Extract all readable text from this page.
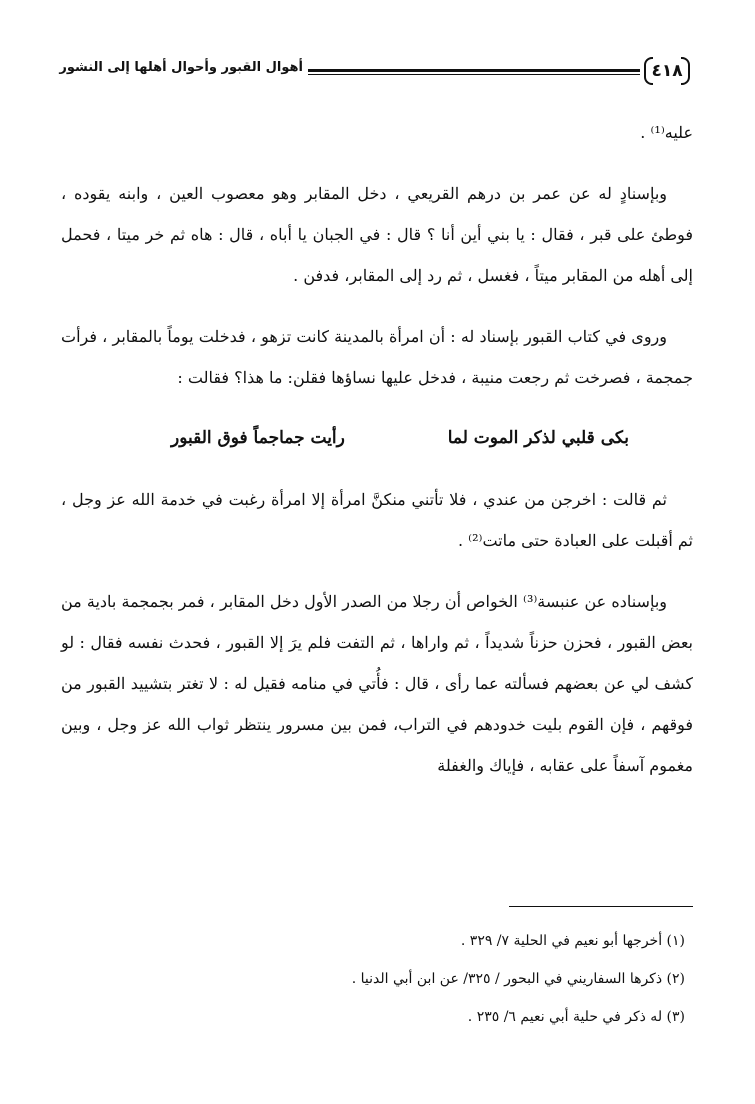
٤١٨
أهوال القبور وأحوال أهلها إلى النشور

عليه⁽¹⁾ .

وبإسنادٍ له عن عمر بن درهم القريعي ، دخل المقابر وهو معصوب العين ، وابنه يقوده ، فوطئ على قبر ، فقال : يا بني أين أنا ؟ قال : في الجبان يا أباه ، قال : هاه ثم خر ميتا ، فحمل إلى أهله من المقابر ميتاً ، فغسل ، ثم رد إلى المقابر، فدفن .

وروى في كتاب القبور بإسناد له : أن امرأة بالمدينة كانت تزهو ، فدخلت يوماً بالمقابر ، فرأت جمجمة ، فصرخت ثم رجعت منيبة ، فدخل عليها نساؤها فقلن: ما هذا؟ فقالت :

بكى قلبي لذكر الموت لما
رأيت جماجماً فوق القبور

ثم قالت : اخرجن من عندي ، فلا تأتني منكنَّ امرأة إلا امرأة رغبت في خدمة الله عز وجل ، ثم أقبلت على العبادة حتى ماتت⁽²⁾ .

وبإسناده عن عنبسة⁽³⁾ الخواص أن رجلا من الصدر الأول دخل المقابر ، فمر بجمجمة بادية من بعض القبور ، فحزن حزناً شديداً ، ثم واراها ، ثم التفت فلم يرَ إلا القبور ، فحدث نفسه فقال : لو كشف لي عن بعضهم فسألته عما رأى ، قال : فأُتي في منامه فقيل له : لا تغتر بتشييد القبور من فوقهم ، فإن القوم بليت خدودهم في التراب، فمن بين مسرور ينتظر ثواب الله عز وجل ، وبين مغموم آسفاً على عقابه ، فإياك والغفلة

(١) أخرجها أبو نعيم في الحلية ٧/ ٣٢٩ .
(٢) ذكرها السفاريني في البحور / ٣٢٥/ عن ابن أبي الدنيا .
(٣) له ذكر في حلية أبي نعيم ٦/ ٢٣٥ .
